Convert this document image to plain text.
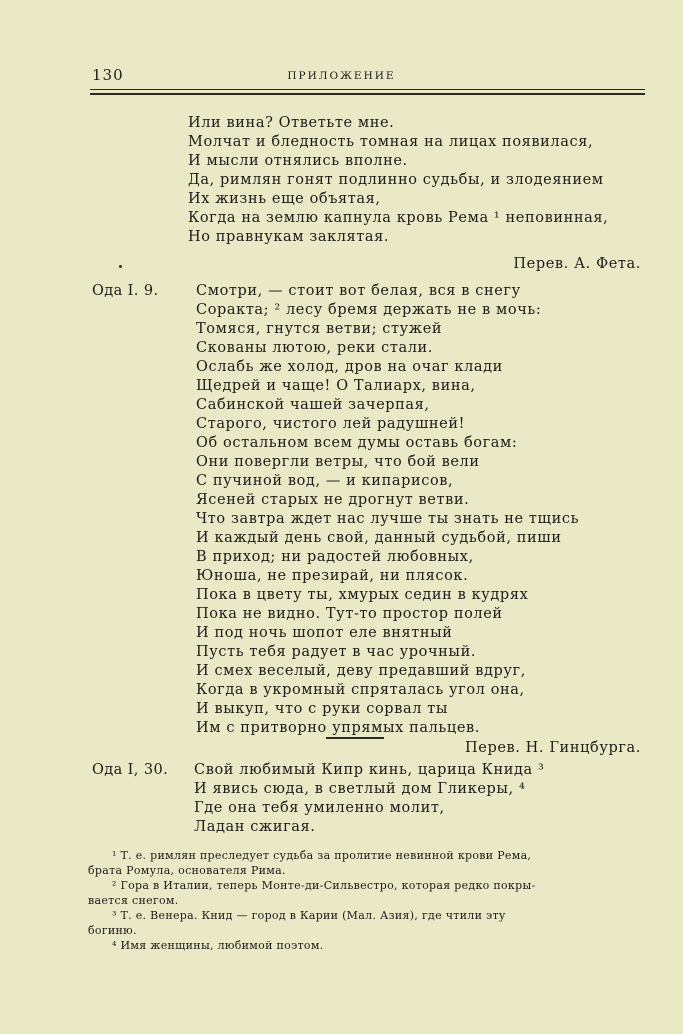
130	ПРИЛОЖЕНИЕ
Или вина? Ответьте мне.
Молчат и бледность томная на лицах появилася,
И мысли отнялись вполне.
Да, римлян гонят подлинно судьбы, и злодеянием
Их жизнь еще объятая,
Когда на землю капнула кровь Рема ¹ неповинная,
Но правнукам заклятая.
Перев. А. Фета.
Ода I. 9.	Смотри, — стоит вот белая, вся в снегу
Соракта; ² лесу бремя держать не в мочь:
Томяся, гнутся ветви; стужей
Скованы лютою, реки стали.
Ослабь же холод, дров на очаг клади
Щедрей и чаще! О Талиарх, вина,
Сабинской чашей зачерпая,
Старого, чистого лей радушней!
Об остальном всем думы оставь богам:
Они повергли ветры, что бой вели
С пучиной вод, — и кипарисов,
Ясеней старых не дрогнут ветви.
Что завтра ждет нас лучше ты знать не тщись
И каждый день свой, данный судьбой, пиши
В приход; ни радостей любовных,
Юноша, не презирай, ни плясок.
Пока в цвету ты, хмурых седин в кудрях
Пока не видно. Тут-то простор полей
И под ночь шопот еле внятный
Пусть тебя радует в час урочный.
И смех веселый, деву предавший вдруг,
Когда в укромный спряталась угол она,
И выкуп, что с руки сорвал ты
Им с притворно упрямых пальцев.
Перев. Н. Гинцбурга.
Ода I, 30. Свой любимый Кипр кинь, царица Книда ³
И явись сюда, в светлый дом Гликеры, ⁴
Где она тебя умиленно молит,
Ладан сжигая.
¹ Т. е. римлян преследует судьба за пролитие невинной крови Рема,
брата Ромула, основателя Рима.
² Гора в Италии, теперь Монте-ди-Сильвестро, которая редко покры-
вается снегом.
³ Т. е. Венера. Книд — город в Карии (Мал. Азия), где чтили эту
богиню.
⁴ Имя женщины, любимой поэтом.
